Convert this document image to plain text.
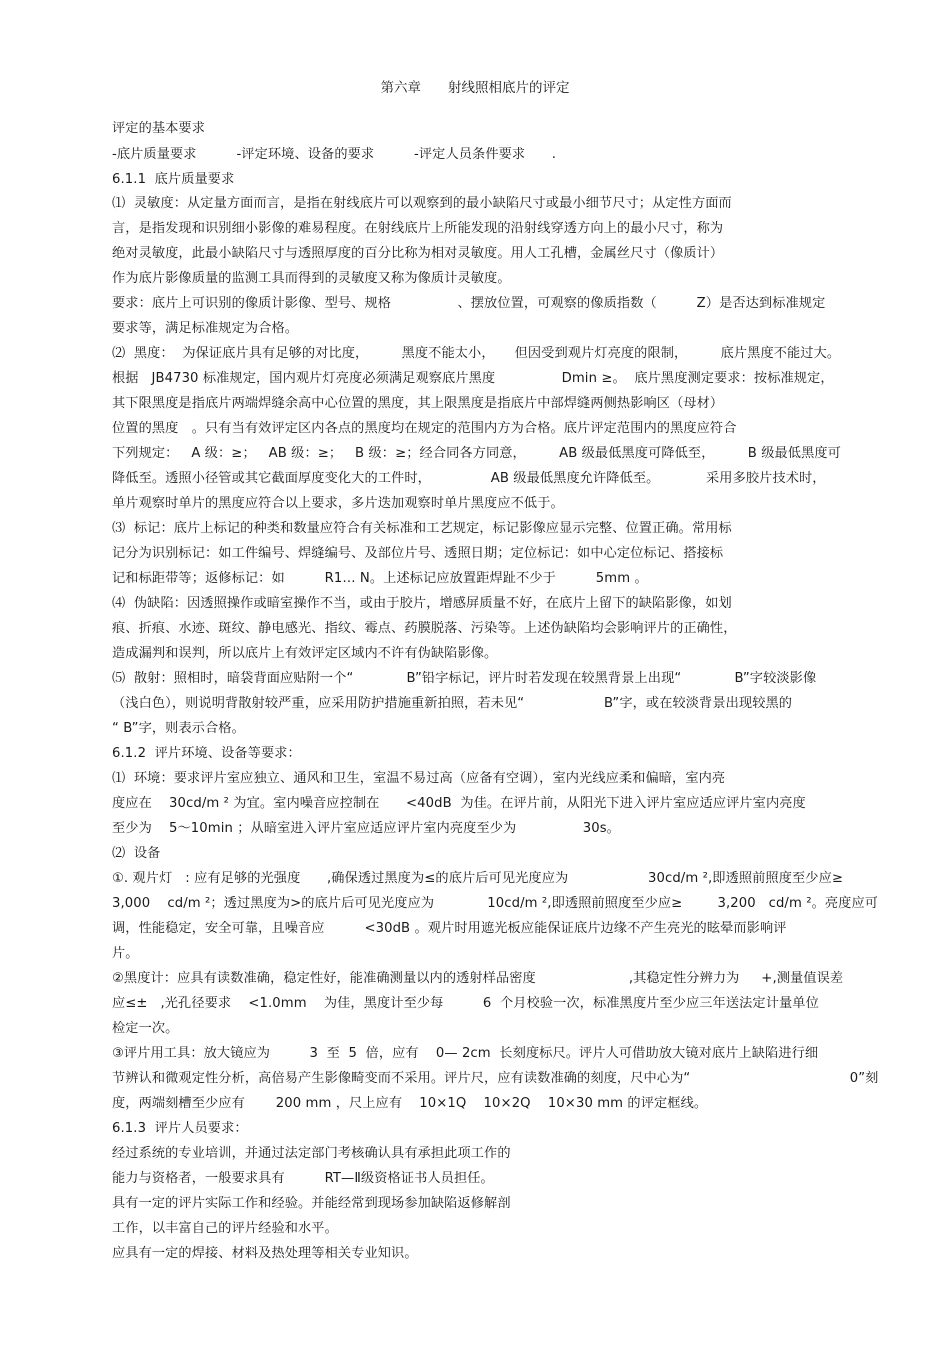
第六章　　射线照相底片的评定
评定的基本要求
-底片质量要求　　　-评定环境、设备的要求　　　-评定人员条件要求　　.
6.1.1  底片质量要求
⑴  灵敏度：从定量方面而言，是指在射线底片可以观察到的最小缺陷尺寸或最小细节尺寸；从定性方面而
言，是指发现和识别细小影像的难易程度。在射线底片上所能发现的沿射线穿透方向上的最小尺寸，称为
绝对灵敏度，此最小缺陷尺寸与透照厚度的百分比称为相对灵敏度。用人工孔槽，金属丝尺寸（像质计）
作为底片影像质量的监测工具而得到的灵敏度又称为像质计灵敏度。
要求：底片上可识别的像质计影像、型号、规格　　　　　、摆放位置，可观察的像质指数（　　　Z）是否达到标准规定
要求等，满足标准规定为合格。
⑵  黑度：  为保证底片具有足够的对比度，　　　黑度不能太小，　　但因受到观片灯亮度的限制，　　　底片黑度不能过大。
根据   JB4730 标准规定，国内观片灯亮度必须满足观察底片黑度　　　　　Dmin ≥。  底片黑度测定要求：按标准规定，
其下限黑度是指底片两端焊缝余高中心位置的黑度，其上限黑度是指底片中部焊缝两侧热影响区（母材）
位置的黑度　。只有当有效评定区内各点的黑度均在规定的范围内方为合格。底片评定范围内的黑度应符合
下列规定：   A 级：≥；   AB 级：≥；   B 级：≥；经合同各方同意，　　　AB 级最低黑度可降低至，　　　B 级最低黑度可
降低至。透照小径管或其它截面厚度变化大的工件时，　　　　　AB 级最低黑度允许降低至。　　　　采用多胶片技术时，
单片观察时单片的黑度应符合以上要求，多片迭加观察时单片黑度应不低于。
⑶  标记：底片上标记的种类和数量应符合有关标准和工艺规定，标记影像应显示完整、位置正确。常用标
记分为识别标记：如工件编号、焊缝编号、及部位片号、透照日期；定位标记：如中心定位标记、搭接标
记和标距带等；返修标记：如　　　R1… N。上述标记应放置距焊趾不少于　　　5mm 。
⑷  伪缺陷：因透照操作或暗室操作不当，或由于胶片，增感屏质量不好，在底片上留下的缺陷影像，如划
痕、折痕、水迹、斑纹、静电感光、指纹、霉点、药膜脱落、污染等。上述伪缺陷均会影响评片的正确性，
造成漏判和误判，所以底片上有效评定区域内不许有伪缺陷影像。
⑸  散射：照相时，暗袋背面应贴附一个“　　　　B”铅字标记，评片时若发现在较黑背景上出现“　　　　B”字较淡影像
（浅白色），则说明背散射较严重，应采用防护措施重新拍照，若未见“　　　　　　B”字，或在较淡背景出现较黑的
“ B”字，则表示合格。
6.1.2  评片环境、设备等要求：
⑴  环境：要求评片室应独立、通风和卫生，室温不易过高（应备有空调），室内光线应柔和偏暗，室内亮
度应在    30cd/m ² 为宜。室内噪音应控制在　　<40dB  为佳。在评片前，从阳光下进入评片室应适应评片室内亮度
至少为    5～10min ；从暗室进入评片室应适应评片室内亮度至少为　　　　　30s。
⑵  设备
①. 观片灯   : 应有足够的光强度　　,确保透过黑度为≤的底片后可见光度应为　　　　　　30cd/m ²,即透照前照度至少应≥
3,000    cd/m ²；透过黑度为>的底片后可见光度应为　　　　10cd/m ²,即透照前照度至少应≥　　  3,200   cd/m ²。亮度应可
调，性能稳定，安全可靠，且噪音应　　　<30dB 。观片时用遮光板应能保证底片边缘不产生亮光的眩晕而影响评
片。
②黑度计：应具有读数准确，稳定性好，能准确测量以内的透射样品密度　　　　　　　,其稳定性分辨力为　  +,测量值误差
应≤±   ,光孔径要求    <1.0mm    为佳，黑度计至少每　　   6  个月校验一次，标准黑度片至少应三年送法定计量单位
检定一次。
③评片用工具：放大镜应为　　   3  至  5  倍，应有    0— 2cm  长刻度标尺。评片人可借助放大镜对底片上缺陷进行细
节辨认和微观定性分析，高倍易产生影像畸变而不采用。评片尺，应有读数准确的刻度，尺中心为“　　　　　　　　　　　　0”刻
度，两端刻槽至少应有　　 200 mm ，尺上应有    10×1Q    10×2Q    10×30 mm 的评定框线。
6.1.3  评片人员要求：
经过系统的专业培训，并通过法定部门考核确认具有承担此项工作的
能力与资格者，一般要求具有　　　RT—Ⅱ级资格证书人员担任。
具有一定的评片实际工作和经验。并能经常到现场参加缺陷返修解剖
工作，以丰富自己的评片经验和水平。
应具有一定的焊接、材料及热处理等相关专业知识。
